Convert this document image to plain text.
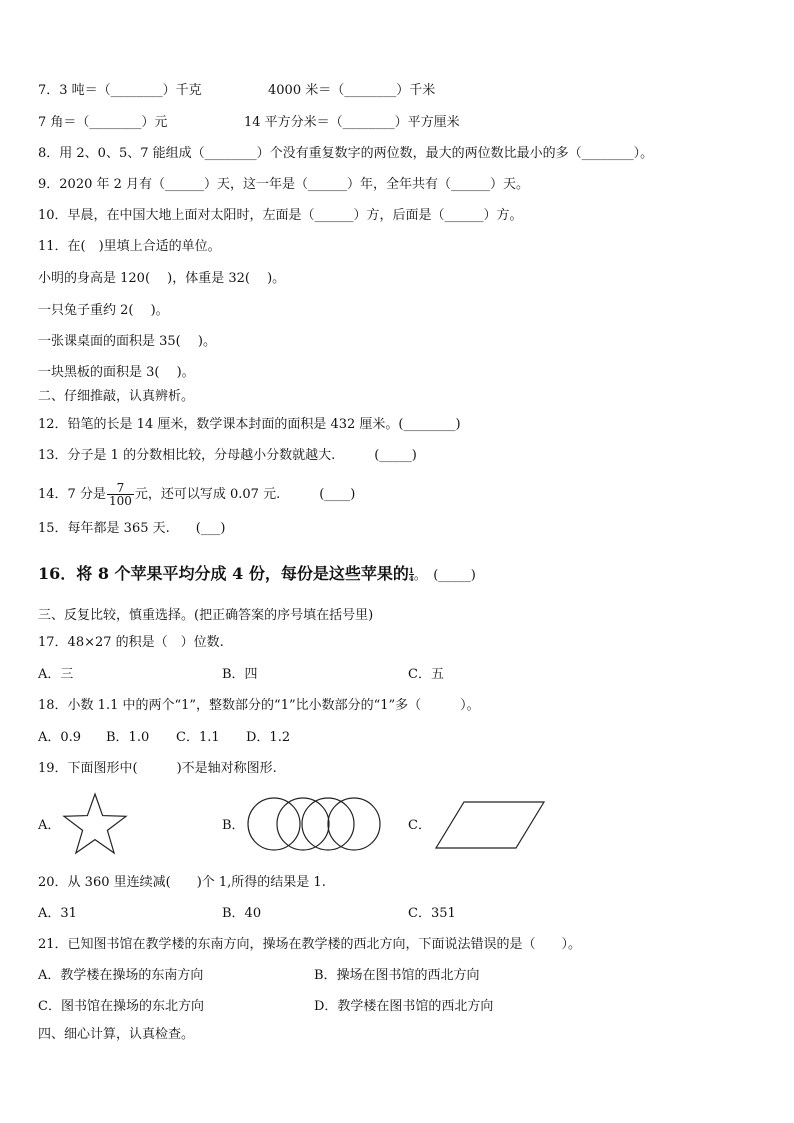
7．3 吨＝（________）千克	4000 米＝（________）千米
7 角＝（________）元	14 平方分米＝（________）平方厘米
8．用 2、0、5、7 能组成（________）个没有重复数字的两位数，最大的两位数比最小的多（________）。
9．2020 年 2 月有（______）天，这一年是（______）年，全年共有（______）天。
10．早晨，在中国大地上面对太阳时，左面是（______）方，后面是（______）方。
11．在(　)里填上合适的单位。
小明的身高是 120(　 )，体重是 32(　 )。
一只兔子重约 2(　 )。
一张课桌面的面积是 35(　 )。
一块黑板的面积是 3(　 )。
二、仔细推敲，认真辨析。
12．铅笔的长是 14 厘米，数学课本封面的面积是 432 厘米。(________)
13．分子是 1 的分数相比较，分母越小分数就越大.　　　(_____)
14．7 分是 $\frac{7}{100}$ 元，还可以写成 0.07 元.　　　(____)
15．每年都是 365 天.　　(___)
16．将 8 个苹果平均分成 4 份，每份是这些苹果的 $\frac{1}{4}$。　(_____)
三、反复比较，慎重选择。(把正确答案的序号填在括号里)
17．48×27 的积是（　）位数.
A．三	B．四	C．五
18．小数 1.1 中的两个“1”，整数部分的“1”比小数部分的“1”多（　　　）。
A．0.9 B．1.0 C．1.1 D．1.2
19．下面图形中(　　　)不是轴对称图形.
A．	B．	C．
20．从 360 里连续减(　　)个 1,所得的结果是 1.
A．31	B．40	C．351
21．已知图书馆在教学楼的东南方向，操场在教学楼的西北方向，下面说法错误的是（　　）。
A．教学楼在操场的东南方向	B．操场在图书馆的西北方向
C．图书馆在操场的东北方向	D．教学楼在图书馆的西北方向
四、细心计算，认真检查。
